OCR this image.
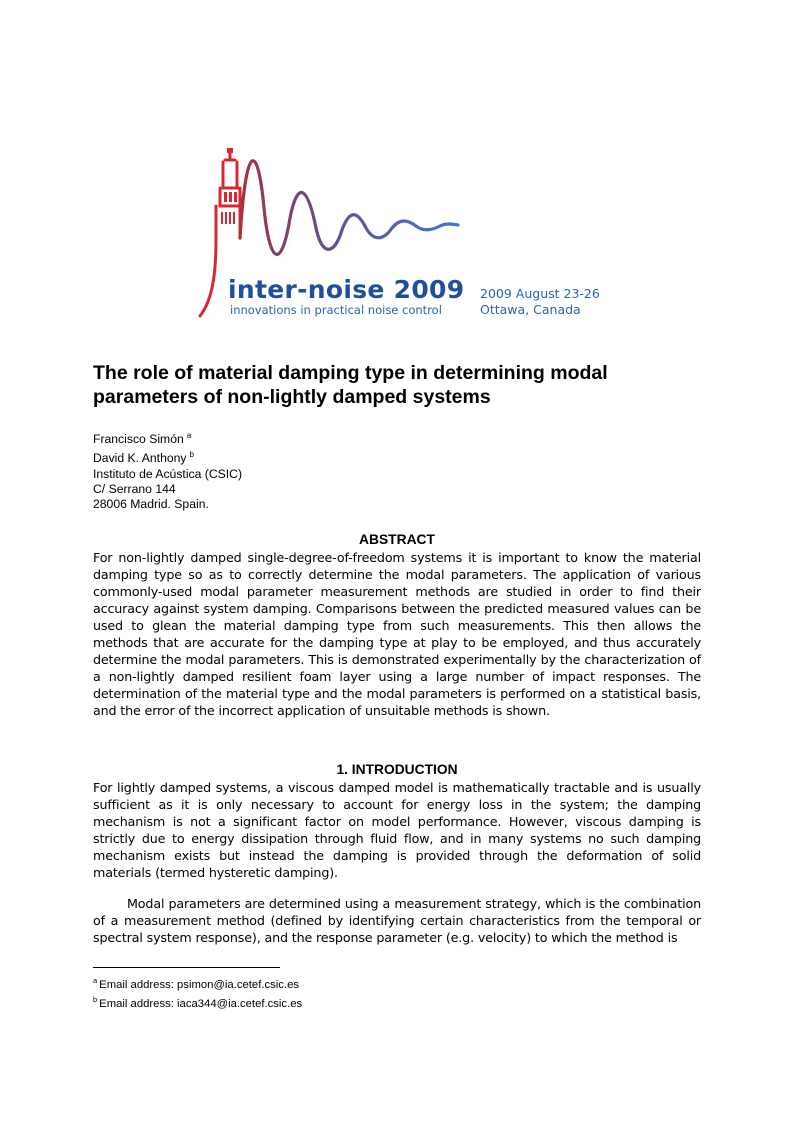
inter-noise 2009
innovations in practical noise control
2009 August 23-26
Ottawa, Canada
The role of material damping type in determining modal parameters of non-lightly damped systems
Francisco Simón $^a$
David K. Anthony $^b$
Instituto de Acústica (CSIC)
C/ Serrano 144
28006 Madrid. Spain.
ABSTRACT

For non-lightly damped single-degree-of-freedom systems it is important to know the material damping type so as to correctly determine the modal parameters. The application of various commonly-used modal parameter measurement methods are studied in order to find their accuracy against system damping. Comparisons between the predicted measured values can be used to glean the material damping type from such measurements. This then allows the methods that are accurate for the damping type at play to be employed, and thus accurately determine the modal parameters. This is demonstrated experimentally by the characterization of a non-lightly damped resilient foam layer using a large number of impact responses. The determination of the material type and the modal parameters is performed on a statistical basis, and the error of the incorrect application of unsuitable methods is shown.

1. INTRODUCTION

For lightly damped systems, a viscous damped model is mathematically tractable and is usually sufficient as it is only necessary to account for energy loss in the system; the damping mechanism is not a significant factor on model performance. However, viscous damping is strictly due to energy dissipation through fluid flow, and in many systems no such damping mechanism exists but instead the damping is provided through the deformation of solid materials (termed hysteretic damping).

Modal parameters are determined using a measurement strategy, which is the combination of a measurement method (defined by identifying certain characteristics from the temporal or spectral system response), and the response parameter (e.g. velocity) to which the method is

$^a$ Email address: psimon@ia.cetef.csic.es
$^b$ Email address: iaca344@ia.cetef.csic.es
